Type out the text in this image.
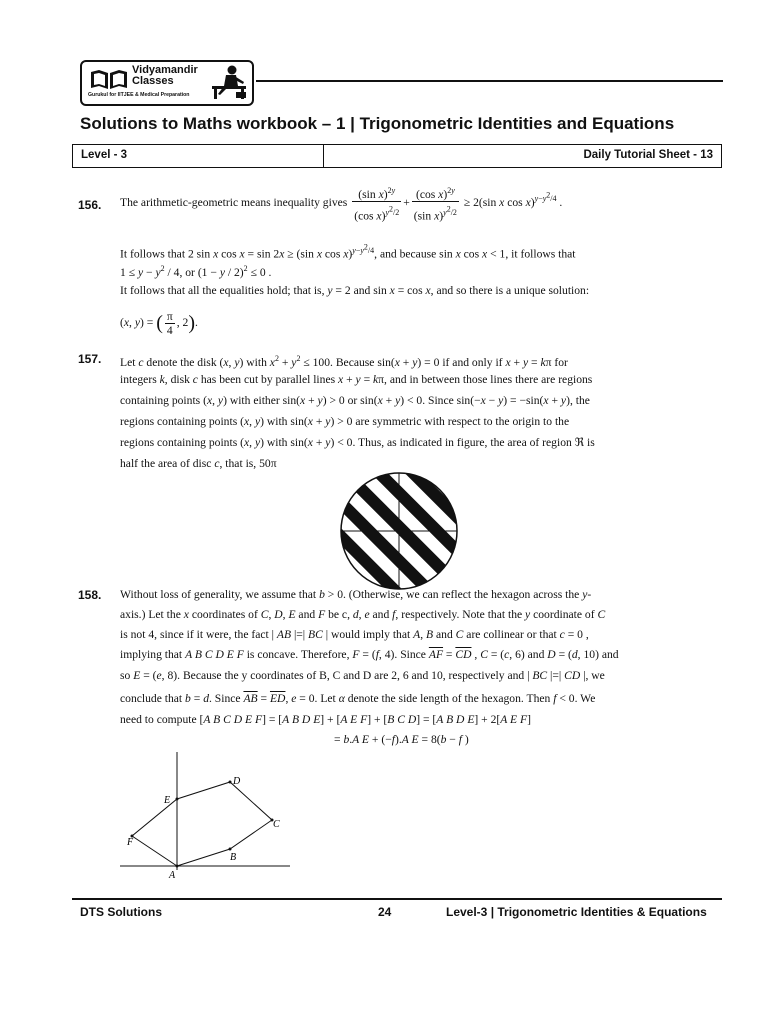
Vidyamandir
Classes
Gurukul for IITJEE & Medical Preparation
Solutions to Maths workbook – 1 | Trigonometric Identities and Equations
Level - 3	Daily Tutorial Sheet - 13
156. The arithmetic-geometric means inequality gives $\frac{(\sin x)^{2y}}{(\cos x)^{y^2/2}} + \frac{(\cos x)^{2y}}{(\sin x)^{y^2/2}} \ge 2(\sin$ x cos x)$^{y-y^2/4}$ .
It follows that 2 sin x cos x = sin 2x ≥ (sin x cos x)$^{y-y^2/4}$, and because sin x cos x < 1, it follows that
$1 \le y - y^2 / 4$, or $(1 - y / 2)^2 \le 0$ .
It follows that all the equalities hold; that is, y = 2 and sin x = cos x, and so there is a unique solution:
(x, y) = ( $\frac{\pi}{4}$ , 2).
157. Let c denote the disk (x, y) with $x^2 + y^2 \le 100$. Because sin(x + y) = 0 if and only if x + y = kπ for
integers k, disk c has been cut by parallel lines x + y = kπ, and in between those lines there are regions
containing points (x, y) with either sin(x + y) > 0 or sin(x + y) < 0. Since sin(−x − y) = −sin(x + y), the
regions containing points (x, y) with sin(x + y) > 0 are symmetric with respect to the origin to the
regions containing points (x, y) with sin(x + y) < 0. Thus, as indicated in figure, the area of region ℜ is
half the area of disc c, that is, 50π
158. Without loss of generality, we assume that b > 0. (Otherwise, we can reflect the hexagon across the y-
axis.) Let the x coordinates of C, D, E and F be c, d, e and f, respectively. Note that the y coordinate of C
is not 4, since if it were, the fact | AB |=| BC | would imply that A, B and C are collinear or that c = 0 ,
implying that A B C D E F is concave. Therefore, F = (f, 4). Since $\overline{AF} = \overline{CD}$ , C = (c, 6) and D = (d, 10) and
so E = (e, 8). Because the y coordinates of B, C and D are 2, 6 and 10, respectively and | BC |=| CD |, we
conclude that b = d. Since $\overline{AB} = \overline{ED}$, e = 0. Let α denote the side length of the hexagon. Then f < 0. We
need to compute [A B C D E F] = [A B D E] + [A E F] + [B C D] = [A B D E] + 2[A E F]
= b.A E + (−f).A E = 8(b − f )
D
E
C
F
B
A
DTS Solutions	24	Level-3 | Trigonometric Identities & Equations
